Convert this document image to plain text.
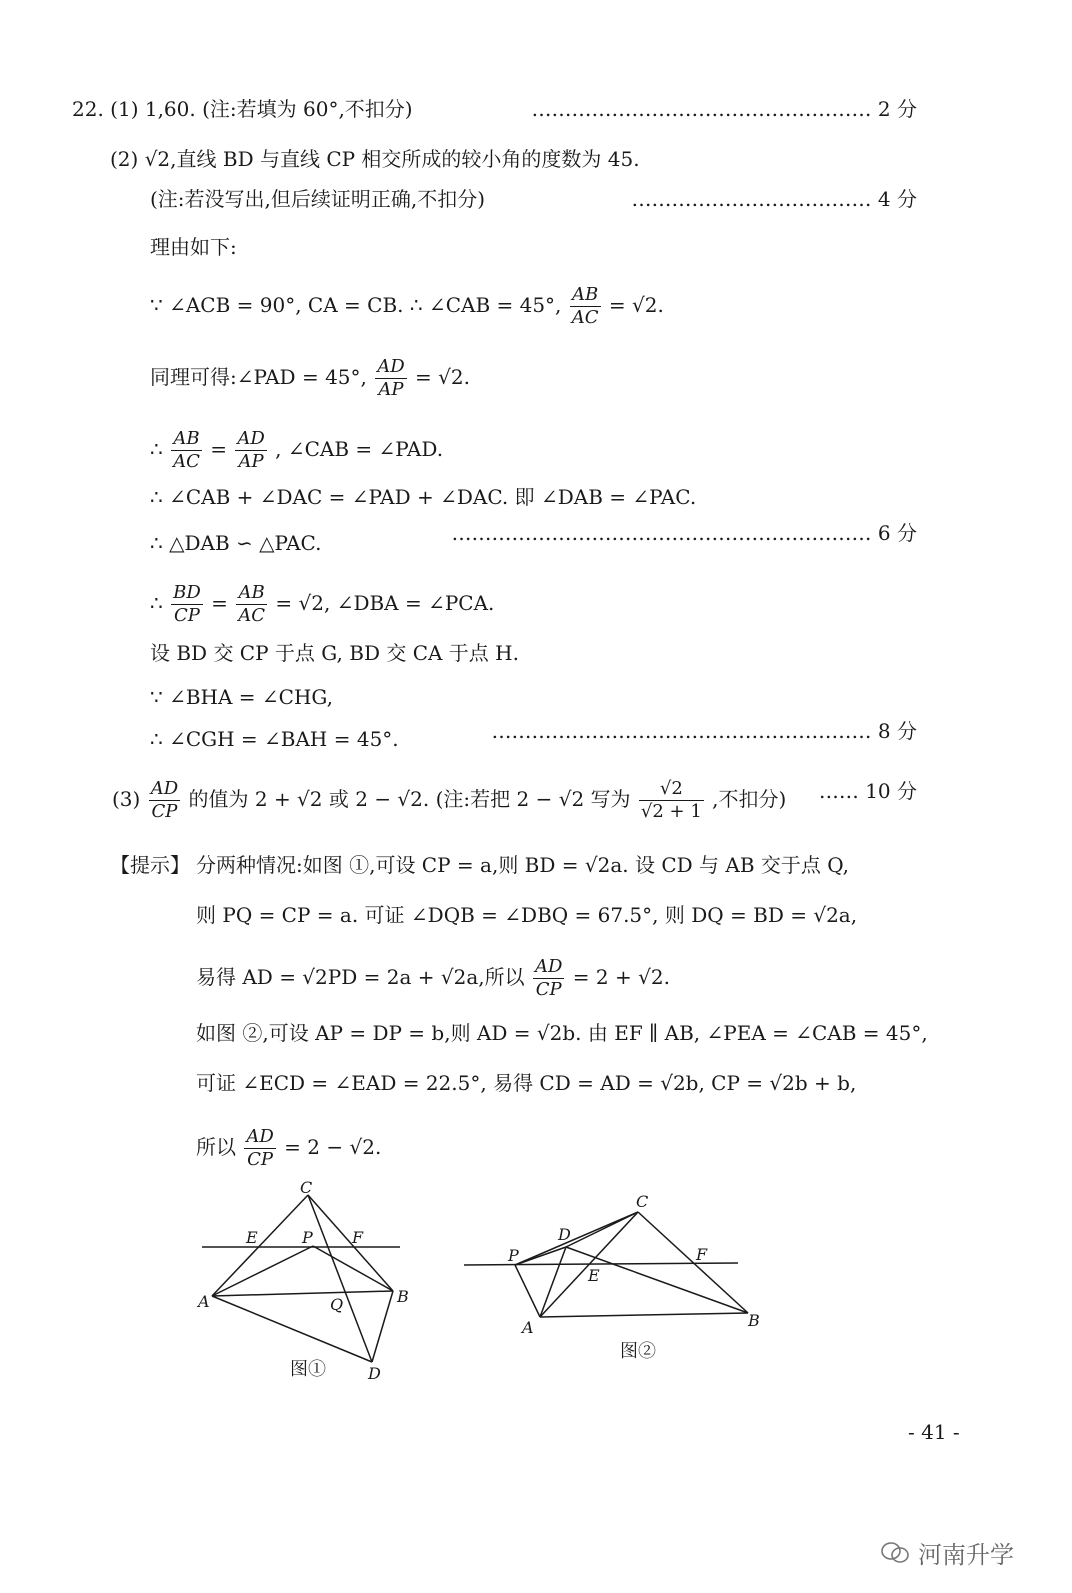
22. (1) 1,60. (注:若填为 60°,不扣分)	…………………………………………… 2 分
(2) √2,直线 BD 与直线 CP 相交所成的较小角的度数为 45.
(注:若没写出,但后续证明正确,不扣分)	……………………………… 4 分
理由如下:
∵ ∠ACB = 90°, CA = CB. ∴ ∠CAB = 45°, $\frac{AB}{AC} = √2$.
同理可得:∠PAD = 45°, $\frac{AD}{AP} = √2$.
∴ $\frac{AB}{AC} = \frac{AD}{AP}$ , ∠CAB = ∠PAD.
∴ ∠CAB + ∠DAC = ∠PAD + ∠DAC. 即 ∠DAB = ∠PAC.
∴ △DAB ∽ △PAC.	……………………………………………………… 6 分
∴ $\frac{BD}{CP} = \frac{AB}{AC} = √2$, ∠DBA = ∠PCA.
设 BD 交 CP 于点 G, BD 交 CA 于点 H.
∵ ∠BHA = ∠CHG,
∴ ∠CGH = ∠BAH = 45°.	………………………………………………… 8 分
$(3) \frac{AD}{CP}$ 的值为 2 + √2 或 2 − √2. (注:若把 2 − √2 写为 $\frac{√2}{√2 + 1}$ ,不扣分) …… 10 分
【提示】 分两种情况:如图 ①,可设 CP = a,则 BD = √2a. 设 CD 与 AB 交于点 Q,
则 PQ = CP = a. 可证 ∠DQB = ∠DBQ = 67.5°, 则 DQ = BD = √2a,
易得 AD = √2PD = 2a + √2a,所以 $\frac{AD}{CP} = 2 + √2$.
如图 ②,可设 AP = DP = b,则 AD = √2b. 由 EF ∥ AB, ∠PEA = ∠CAB = 45°,
可证 ∠ECD = ∠EAD = 22.5°, 易得 CD = AD = √2b, CP = √2b + b,
所以 $\frac{AD}{CP} = 2 - √2$.
C
E	P F
A	Q	B
D
图①
C
D
P
E
F
A	B
图②
- 41 -
河南升学
